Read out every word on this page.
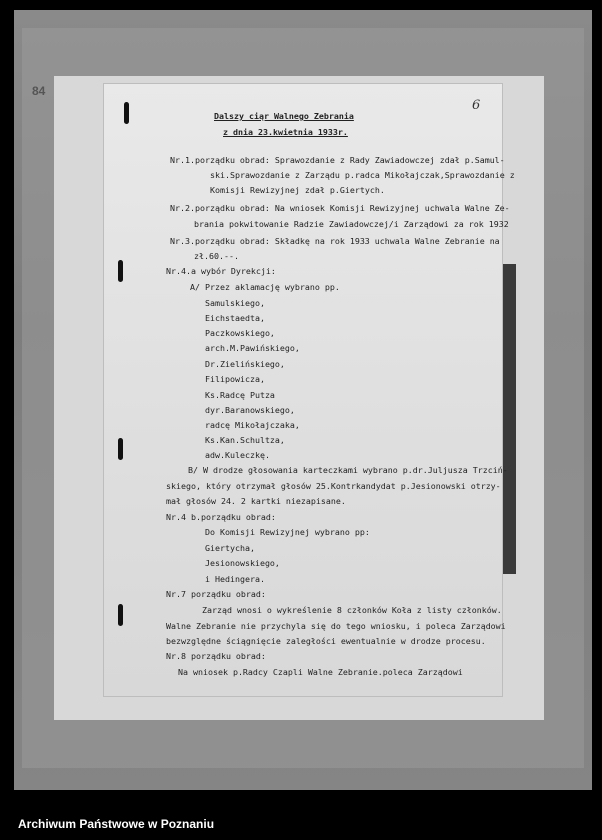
84
6
Dalszy ciąr Walnego Zebrania
z dnia 23.kwietnia 1933r.
Nr.1.porządku obrad: Sprawozdanie z Rady Zawiadowczej zdał p.Samul-
ski.Sprawozdanie z Zarządu p.radca Mikołajczak,Sprawozdanie z
Komisji Rewizyjnej zdał p.Giertych.
Nr.2.porządku obrad: Na wniosek Komisji Rewizyjnej uchwala Walne Ze-
brania pokwitowanie Radzie Zawiadowczej/i Zarządowi za rok 1932
Nr.3.porządku obrad: Składkę na rok 1933 uchwala Walne Zebranie na
zł.60.--.
Nr.4.a wybór Dyrekcji:
A/ Przez aklamację wybrano pp.
Samulskiego,
Eichstaedta,
Paczkowskiego,
arch.M.Pawińskiego,
Dr.Zielińskiego,
Filipowicza,
Ks.Radcę Putza
dyr.Baranowskiego,
radcę Mikołajczaka,
Ks.Kan.Schultza,
adw.Kuleczkę.
B/ W drodze głosowania karteczkami wybrano p.dr.Juljusza Trzciń-
skiego, który otrzymał głosów 25.Kontrkandydat p.Jesionowski otrzy-
mał głosów 24. 2 kartki niezapisane.
Nr.4 b.porządku obrad:
Do Komisji Rewizyjnej wybrano pp:
Giertycha,
Jesionowskiego,
i Hedingera.
Nr.7 porządku obrad:
Zarząd wnosi o wykreślenie 8 członków Koła z listy członków.
Walne Zebranie nie przychyla się do tego wniosku, i poleca Zarządowi
bezwzględne ściągnięcie zaległości ewentualnie w drodze procesu.
Nr.8 porządku obrad:
Na wniosek p.Radcy Czapli Walne Zebranie.poleca Zarządowi
Archiwum Państwowe w Poznaniu
